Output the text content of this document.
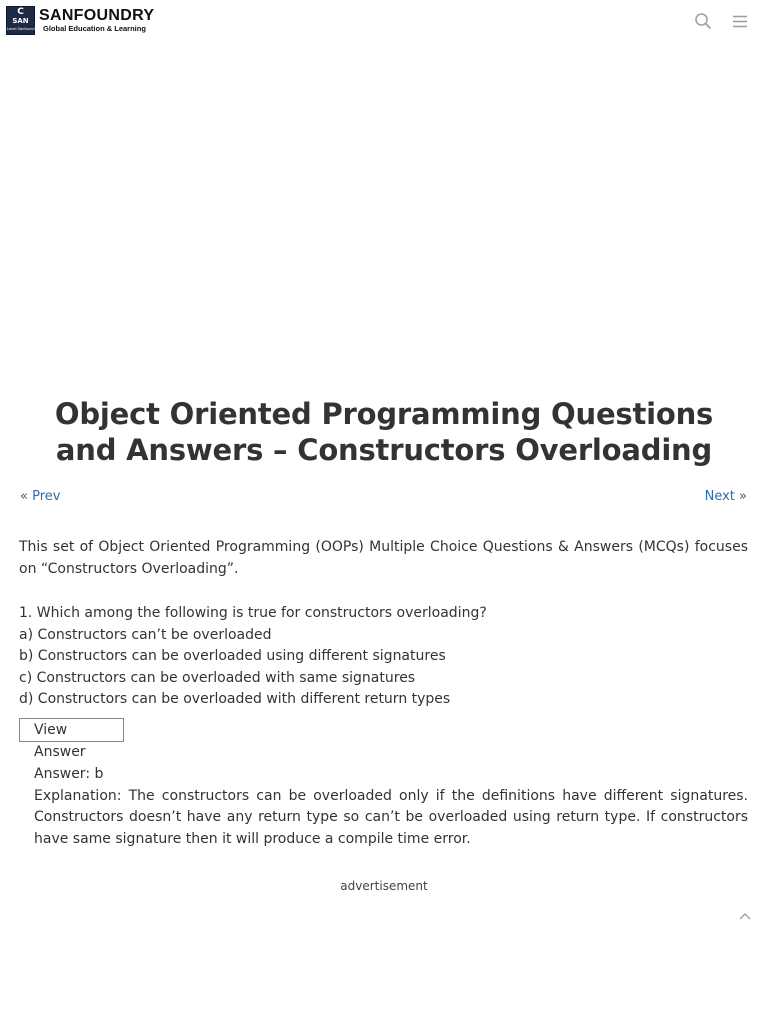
C
SAN
Level Sanfoundry
SANFOUNDRY
Global Education & Learning
Object Oriented Programming Questions and Answers – Constructors Overloading
« Prev	Next »

This set of Object Oriented Programming (OOPs) Multiple Choice Questions & Answers (MCQs) focuses on “Constructors Overloading”.

1. Which among the following is true for constructors overloading?
a) Constructors can’t be overloaded
b) Constructors can be overloaded using different signatures
c) Constructors can be overloaded with same signatures
d) Constructors can be overloaded with different return types
View Answer

Answer: b

Explanation: The constructors can be overloaded only if the definitions have different signatures. Constructors doesn’t have any return type so can’t be overloaded using return type. If constructors have same signature then it will produce a compile time error.

advertisement
